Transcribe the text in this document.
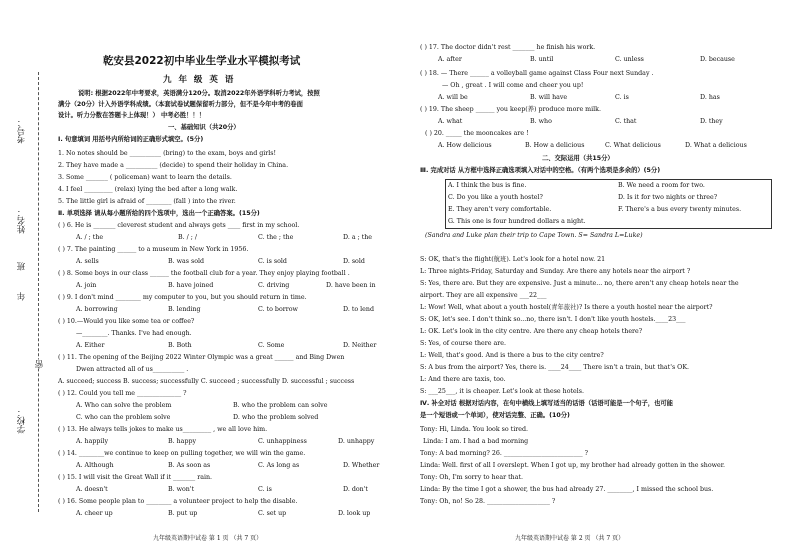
考号：
姓名：
班
年
密
学校：
乾安县2022初中毕业生学业水平模拟考试
九 年 级 英 语
说明: 根据2022年中考要求，英语满分120分。取消2022年外语学科听力考试，按照
满分（20分）计入外语学科成绩。（本套试卷试题保留听力部分，但不是今年中考的卷面
设计。听力分数在答题卡上体现！） 中考必胜！！！
一、基础知识（共20分）
Ⅰ. 句意填词 用括号内所给词的正确形式填空。(5分)
1. No notes should be __________ (bring) to the exam, boys and girls!
2. They have made a __________ (decide) to spend their holiday in China.
3. Some _______ ( policeman) want to learn the details.
4. I feel _________ (relax) lying the bed after a long walk.
5. The little girl is afraid of ________ (fall ) into the river.
Ⅱ. 单项选择 请从每小题所给的四个选项中，选出一个正确答案。(15分)
( ) 6. He is _______ cleverest student and always gets ____ first in my school.
A. / ; the	B. / ; /	C. the ; the	D. a ; the
( ) 7. The painting ______ to a museum in New York in 1956.
A. sells	B. was sold	C. is sold	D. sold
( ) 8. Some boys in our class ______ the football club for a year. They enjoy playing football .
A. join	B. have joined	C. driving	D. have been in
( ) 9. I don't mind ________ my computer to you, but you should return in time.
A. borrowing	B. lending	C. to borrow	D. to lend
( ) 10.—Would you like some tea or coffee?
—________. Thanks. I've had enough.
A. Either	B. Both	C. Some	D. Neither
( ) 11. The opening of the Beijing 2022 Winter Olympic was a great ______ and Bing Dwen
Dwen attracted all of us__________ .
A. succeed; success B. success; successfully C. succeed ; successfully D. successful ; success
( ) 12. Could you tell me ______________ ?
A. Who can solve the problem	B. who the problem can solve
C. who can the problem solve	D. who the problem solved
( ) 13. He always tells jokes to make us_________ , we all love him.
A. happily	B. happy	C. unhappiness	D. unhappy
( ) 14. ________we continue to keep on pulling together, we will win the game.
A. Although	B. As soon as	C. As long as	D. Whether
( ) 15. I will visit the Great Wall if it _______ rain.
A. doesn't	B. won't	C. is	D. don't
( ) 16. Some people plan to ________ a volunteer project to help the disable.
A. cheer up	B. put up	C. set up	D. look up
九年级英语期中试卷 第 1 页 （共 7 页）
( ) 17. The doctor didn't rest _______ he finish his work.
A. after	B. until	C. unless	D. because
( ) 18. — There ______ a volleyball game against Class Four next Sunday .
— Oh , great . I will come and cheer you up!
A. will be	B. will have	C. is	D. has
( ) 19. The sheep ______ you keep(养) produce more milk.
A. what	B. who	C. that	D. they
( ) 20. _____ the mooncakes are !
A. How delicious	B. How a delicious	C. What delicious	D. What a delicious
二、交际运用（共15分）
Ⅲ. 完成对话 从方框中选择正确选项填入对话中的空格。（有两个选项是多余的）(5分)
A. I think the bus is fine.	B. We need a room for two.
C. Do you like a youth hostel?	D. Is it for two nights or three?
E. They aren't very comfortable.	F. There's a bus every twenty minutes.
G. This one is four hundred dollars a night.
(Sandra and Luke plan their trip to Cape Town. S= Sandra L=Luke)
S: OK, that's the flight(航班). Let's look for a hotel now. 21
L: Three nights-Friday, Saturday and Sunday. Are there any hotels near the airport ?
S: Yes, there are. But they are expensive. Just a minute... no, there aren't any cheap hotels near the
airport. They are all expensive ___22___
L: Wow! Well, what about a youth hostel(青年旅社)? Is there a youth hostel near the airport?
S: OK, let's see. I don't think so...no, there isn't. I don't like youth hostels.____23___
L: OK. Let's look in the city centre. Are there any cheap hotels there?
S: Yes, of course there are.
L: Well, that's good. And is there a bus to the city centre?
S: A bus from the airport? Yes, there is. ____24____ There isn't a train, but that's OK.
L: And there are taxis, too.
S: ___25___, it is cheaper. Let's look at these hotels.
Ⅳ. 补全对话 根据对话内容，在句中横线上填写适当的话语（话语可能是一个句子，也可能
是一个短语或一个单词），使对话完整、正确。(10分)
Tony: Hi, Linda. You look so tired.
Linda: I am. I had a bad morning
Tony: A bad morning? 26. _________________________ ?
Linda: Well. first of all I overslept. When I got up, my brother had already gotten in the shower.
Tony: Oh, I'm sorry to hear that.
Linda: By the time I got a shower, the bus had already 27. ________, I missed the school bus.
Tony: Oh, no! So 28. ____________________ ?
九年级英语期中试卷 第 2 页 （共 7 页）
